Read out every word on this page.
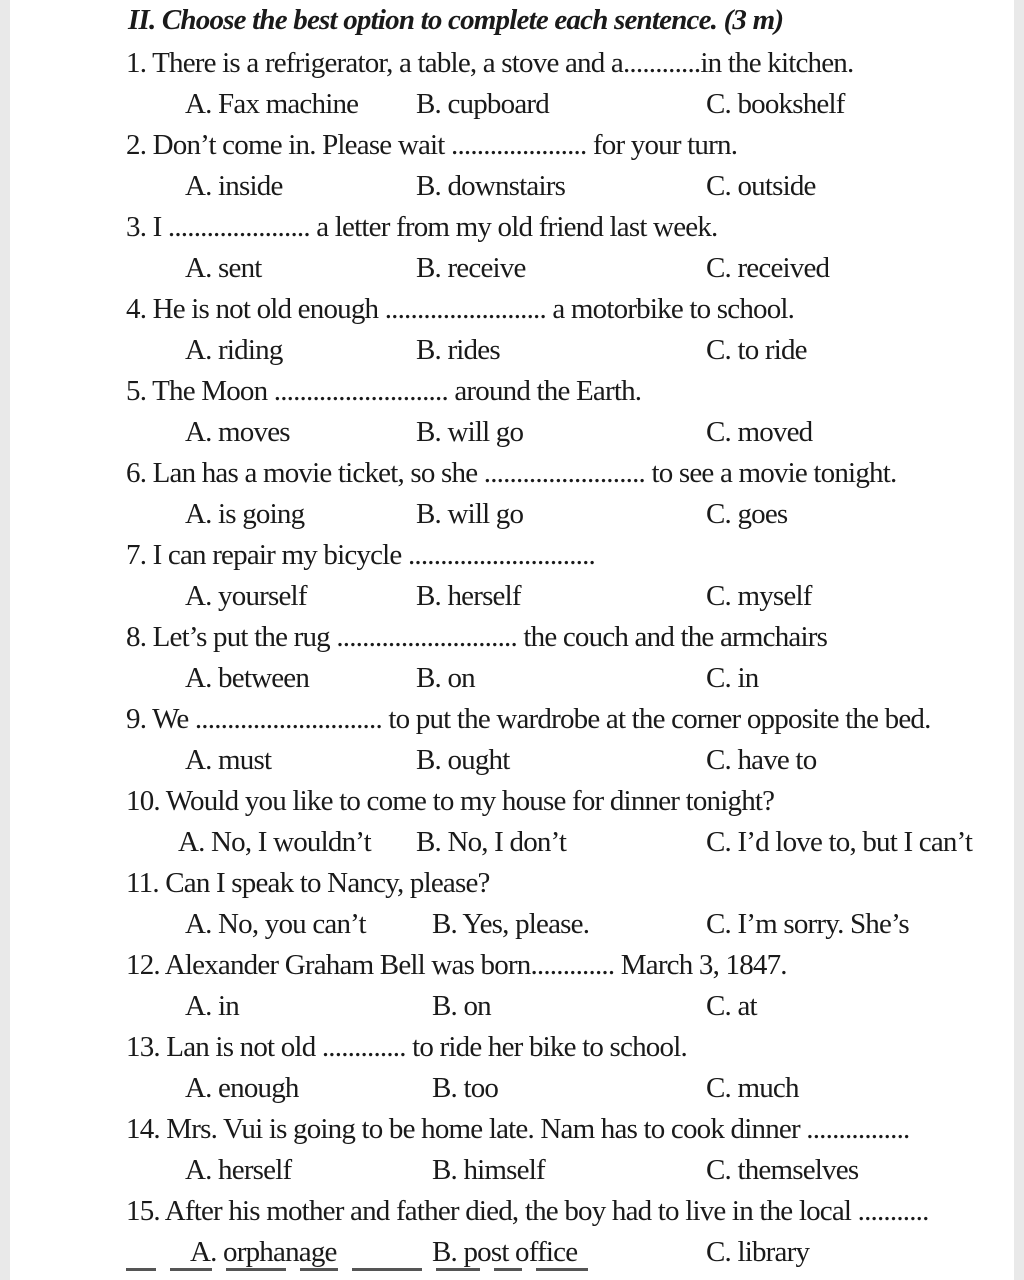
II. Choose the best option to complete each sentence. (3 m)
1. There is a refrigerator, a table, a stove and a............in the kitchen.
A. Fax machine B. cupboard	C. bookshelf
2. Don’t come in. Please wait ..................... for your turn.
A. inside	B. downstairs	C. outside
3. I ...................... a letter from my old friend last week.
A. sent	B. receive	C. received
4. He is not old enough ......................... a motorbike to school.
A. riding	B. rides	C. to ride
5. The Moon ........................... around the Earth.
A. moves	B. will go	C. moved
6. Lan has a movie ticket, so she ......................... to see a movie tonight.
A. is going	B. will go	C. goes
7. I can repair my bicycle .............................
A. yourself	B. herself	C. myself
8. Let’s put the rug ............................ the couch and the armchairs
A. between	B. on	C. in
9. We ............................. to put the wardrobe at the corner opposite the bed.
A. must	B. ought	C. have to
10. Would you like to come to my house for dinner tonight?
A. No, I wouldn’t B. No, I don’t	C. I’d love to, but I can’t
11. Can I speak to Nancy, please?
A. No, you can’t B. Yes, please.	C. I’m sorry. She’s
12. Alexander Graham Bell was born............. March 3, 1847.
A. in	B. on	C. at
13. Lan is not old ............. to ride her bike to school.
A. enough	B. too	C. much
14. Mrs. Vui is going to be home late. Nam has to cook dinner ................
A. herself	B. himself	C. themselves
15. After his mother and father died, the boy had to live in the local ...........
A. orphanage	B. post office	C. library
